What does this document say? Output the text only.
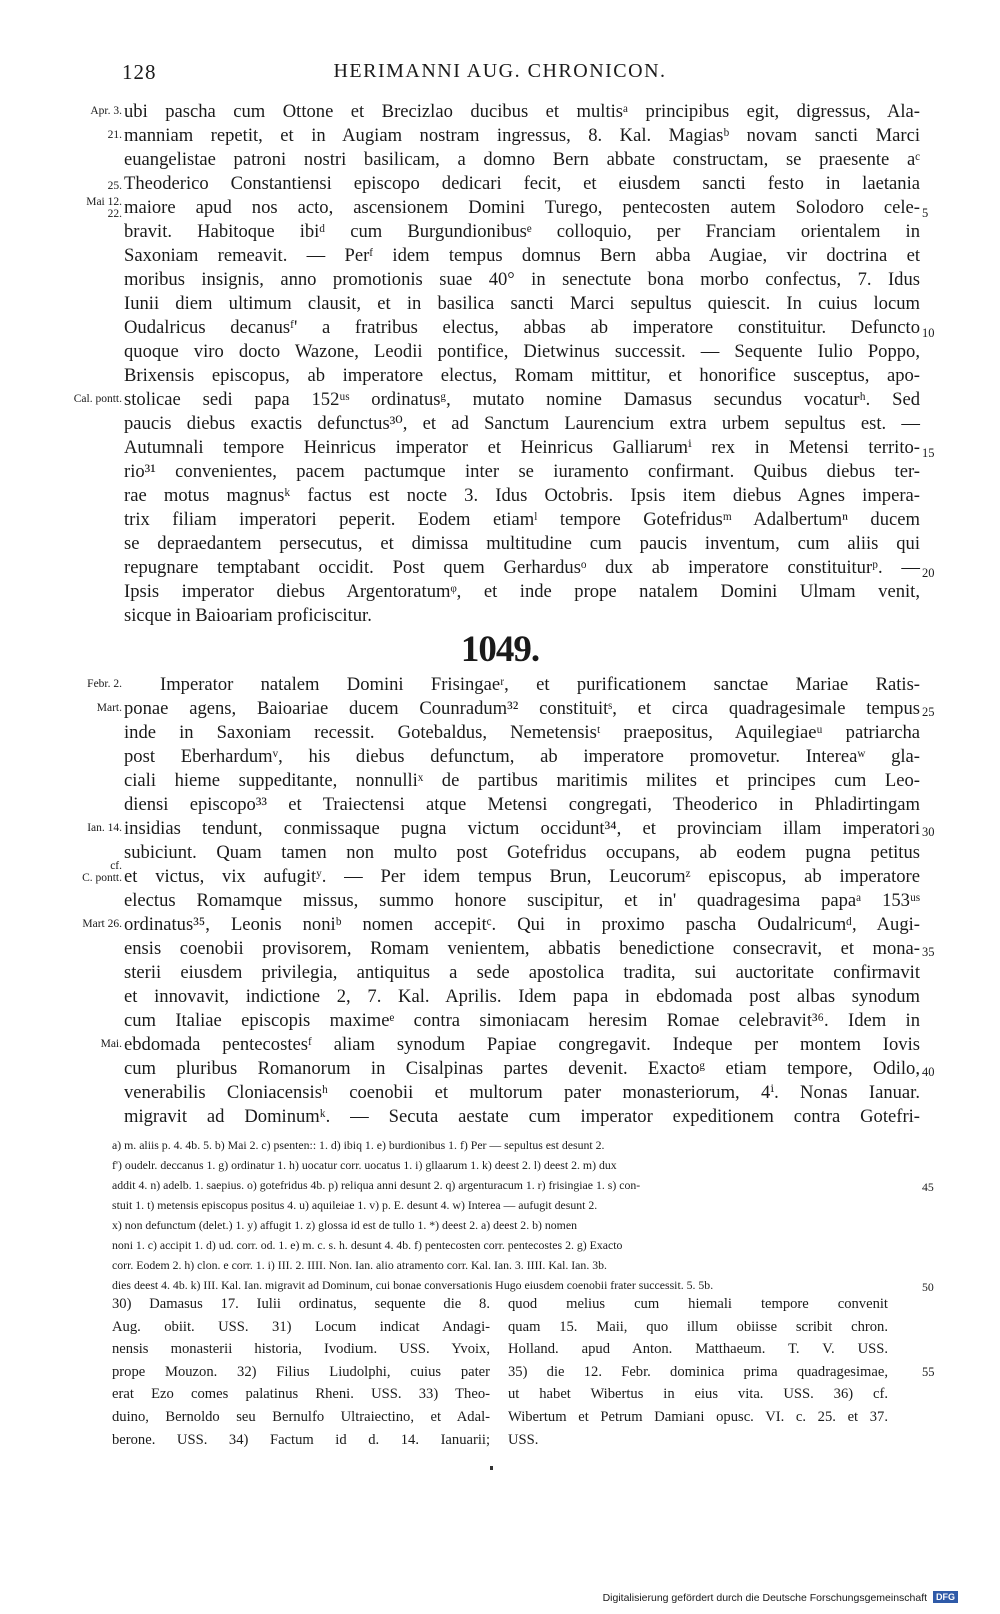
128	HERIMANNI AUG. CHRONICON.
ubi pascha cum Ottone et Brecizlao ducibus et multisᵃ principibus egit, digressus, Ala-
manniam repetit, et in Augiam nostram ingressus, 8. Kal. Magiasᵇ novam sancti Marci
euangelistae patroni nostri basilicam, a domno Bern abbate constructam, se praesente aᶜ
Theoderico Constantiensi episcopo dedicari fecit, et eiusdem sancti festo in laetania
maiore apud nos acto, ascensionem Domini Turego, pentecosten autem Solodoro cele-
bravit. Habitoque ibiᵈ cum Burgundionibusᵉ colloquio, per Franciam orientalem in
Saxoniam remeavit. — Perᶠ idem tempus domnus Bern abba Augiae, vir doctrina et
moribus insignis, anno promotionis suae 40° in senectute bona morbo confectus, 7. Idus
Iunii diem ultimum clausit, et in basilica sancti Marci sepultus quiescit. In cuius locum
Oudalricus decanusᶠ' a fratribus electus, abbas ab imperatore constituitur. Defuncto
quoque viro docto Wazone, Leodii pontifice, Dietwinus successit. — Sequente Iulio Poppo,
Brixensis episcopus, ab imperatore electus, Romam mittitur, et honorifice susceptus, apo-
stolicae sedi papa 152ᵘˢ ordinatusᵍ, mutato nomine Damasus secundus vocaturʰ. Sed
paucis diebus exactis defunctus³⁰, et ad Sanctum Laurencium extra urbem sepultus est. —
Autumnali tempore Heinricus imperator et Heinricus Galliarumⁱ rex in Metensi territo-
rio³¹ convenientes, pacem pactumque inter se iuramento confirmant. Quibus diebus ter-
rae motus magnusᵏ factus est nocte 3. Idus Octobris. Ipsis item diebus Agnes impera-
trix filiam imperatori peperit. Eodem etiamˡ tempore Gotefridusᵐ Adalbertumⁿ ducem
se depraedantem persecutus, et dimissa multitudine cum paucis inventum, cum aliis qui
repugnare temptabant occidit. Post quem Gerhardusᵒ dux ab imperatore constituiturᵖ. —
Ipsis imperator diebus Argentoratumᵠ, et inde prope natalem Domini Ulmam venit,
sicque in Baioariam proficiscitur.
Apr. 3.
21.
25.
Mai 12.
22.
Cal. pontt.
5
10
15
20
1049.
Imperator natalem Domini Frisingaeʳ, et purificationem sanctae Mariae Ratis-
ponae agens, Baioariae ducem Counradum³² constituitˢ, et circa quadragesimale tempus
inde in Saxoniam recessit. Gotebaldus, Nemetensisᵗ praepositus, Aquilegiaeᵘ patriarcha
post Eberhardumᵛ, his diebus defunctum, ab imperatore promovetur. Intereaʷ gla-
ciali hieme suppeditante, nonnulliˣ de partibus maritimis milites et principes cum Leo-
diensi episcopo³³ et Traiectensi atque Metensi congregati, Theoderico in Phladirtingam
insidias tendunt, conmissaque pugna victum occidunt³⁴, et provinciam illam imperatori
subiciunt. Quam tamen non multo post Gotefridus occupans, ab eodem pugna petitus
et victus, vix aufugitʸ. — Per idem tempus Brun, Leucorumᶻ episcopus, ab imperatore
electus Romamque missus, summo honore suscipitur, et in' quadragesima papaᵃ 153ᵘˢ
ordinatus³⁵, Leonis noniᵇ nomen accepitᶜ. Qui in proximo pascha Oudalricumᵈ, Augi-
ensis coenobii provisorem, Romam venientem, abbatis benedictione consecravit, et mona-
sterii eiusdem privilegia, antiquitus a sede apostolica tradita, sui auctoritate confirmavit
et innovavit, indictione 2, 7. Kal. Aprilis. Idem papa in ebdomada post albas synodum
cum Italiae episcopis maximeᵉ contra simoniacam heresim Romae celebravit³⁶. Idem in
ebdomada pentecostesᶠ aliam synodum Papiae congregavit. Indeque per montem Iovis
cum pluribus Romanorum in Cisalpinas partes devenit. Exactoᵍ etiam tempore, Odilo,
venerabilis Cloniacensisʰ coenobii et multorum pater monasteriorum, 4ⁱ. Nonas Ianuar.
migravit ad Dominumᵏ. — Secuta aestate cum imperator expeditionem contra Gotefri-
Febr. 2.
Mart.
Ian. 14.
cf.
C. pontt.
Mart 26.
Mai.
25
30
35
40
a) m. aliis p. 4. 4b. 5. b) Mai 2. c) psenten:: 1. d) ibiq 1. e) burdionibus 1. f) Per — sepultus est desunt 2.
f') oudelr. deccanus 1. g) ordinatur 1. h) uocatur corr. uocatus 1. i) gllaarum 1. k) deest 2. l) deest 2. m) dux
addit 4. n) adelb. 1. saepius. o) gotefridus 4b. p) reliqua anni desunt 2. q) argenturacum 1. r) frisingiae 1. s) con-
stuit 1. t) metensis episcopus positus 4. u) aquileiae 1. v) p. E. desunt 4. w) Interea — aufugit desunt 2.
x) non defunctum (delet.) 1. y) affugit 1. z) glossa id est de tullo 1. *) deest 2. a) deest 2. b) nomen
noni 1. c) accipit 1. d) ud. corr. od. 1. e) m. c. s. h. desunt 4. 4b. f) pentecosten corr. pentecostes 2. g) Exacto
corr. Eodem 2. h) clon. e corr. 1. i) III. 2. IIII. Non. Ian. alio atramento corr. Kal. Ian. 3. IIII. Kal. Ian. 3b.
dies deest 4. 4b. k) III. Kal. Ian. migravit ad Dominum, cui bonae conversationis Hugo eiusdem coenobii frater successit. 5. 5b.
45
50
30) Damasus 17. Iulii ordinatus, sequente die 8.
Aug. obiit. USS. 31) Locum indicat Andagi-
nensis monasterii historia, Ivodium. USS. Yvoix,
prope Mouzon. 32) Filius Liudolphi, cuius pater
erat Ezo comes palatinus Rheni. USS. 33) Theo-
duino, Bernoldo seu Bernulfo Ultraiectino, et Adal-
berone. USS. 34) Factum id d. 14. Ianuarii;
quod melius cum hiemali tempore convenit
quam 15. Maii, quo illum obiisse scribit chron.
Holland. apud Anton. Matthaeum. T. V. USS.
35) die 12. Febr. dominica prima quadragesimae,
ut habet Wibertus in eius vita. USS. 36) cf.
Wibertum et Petrum Damiani opusc. VI. c. 25. et 37.
USS.
55
Digitalisierung gefördert durch die Deutsche Forschungsgemeinschaft DFG
